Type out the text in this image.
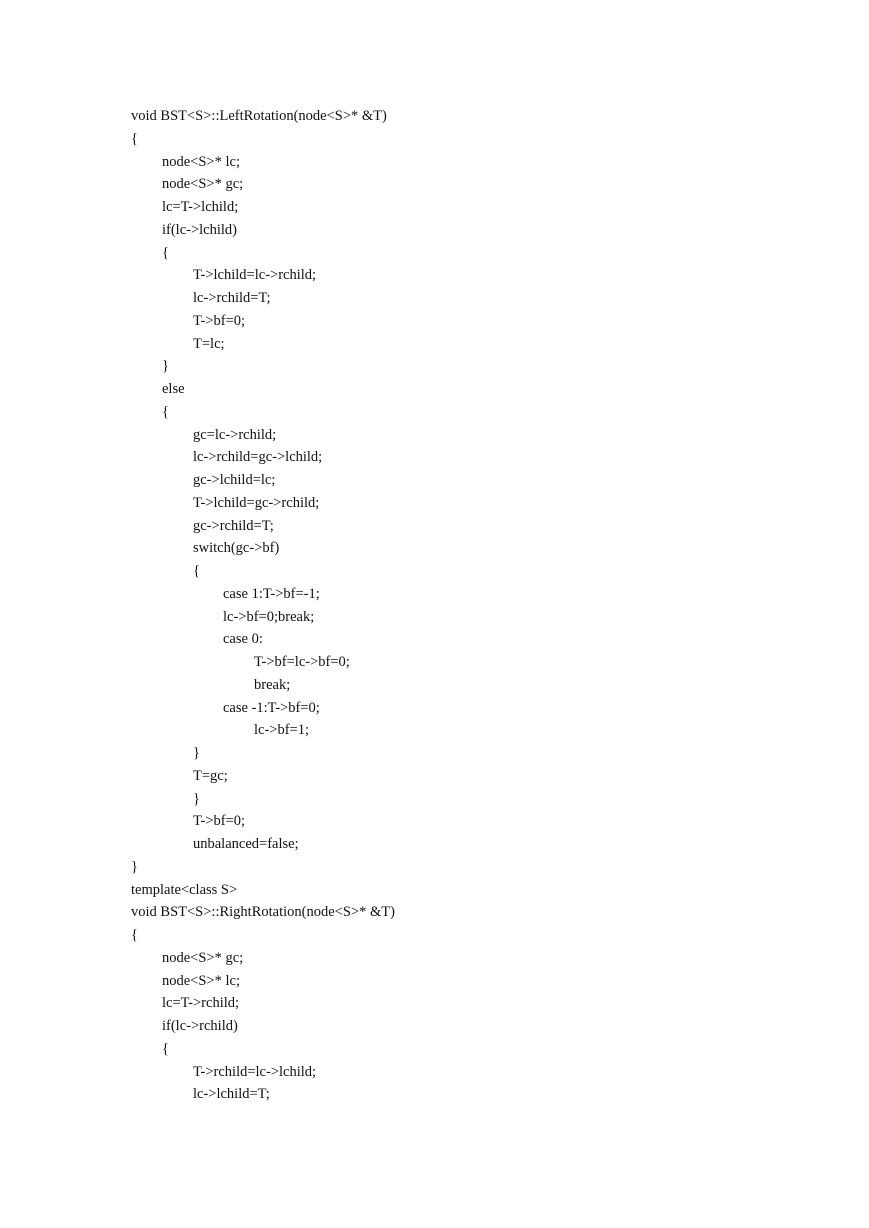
void BST<S>::LeftRotation(node<S>* &T)
{
node<S>* lc;
node<S>* gc;
lc=T->lchild;
if(lc->lchild)
{
T->lchild=lc->rchild;
lc->rchild=T;
T->bf=0;
T=lc;
}
else
{
gc=lc->rchild;
lc->rchild=gc->lchild;
gc->lchild=lc;
T->lchild=gc->rchild;
gc->rchild=T;
switch(gc->bf)
{
case 1:T->bf=-1;
lc->bf=0;break;
case 0:
T->bf=lc->bf=0;
break;
case -1:T->bf=0;
lc->bf=1;
}
T=gc;
}
T->bf=0;
unbalanced=false;
}
template<class S>
void BST<S>::RightRotation(node<S>* &T)
{
node<S>* gc;
node<S>* lc;
lc=T->rchild;
if(lc->rchild)
{
T->rchild=lc->lchild;
lc->lchild=T;
